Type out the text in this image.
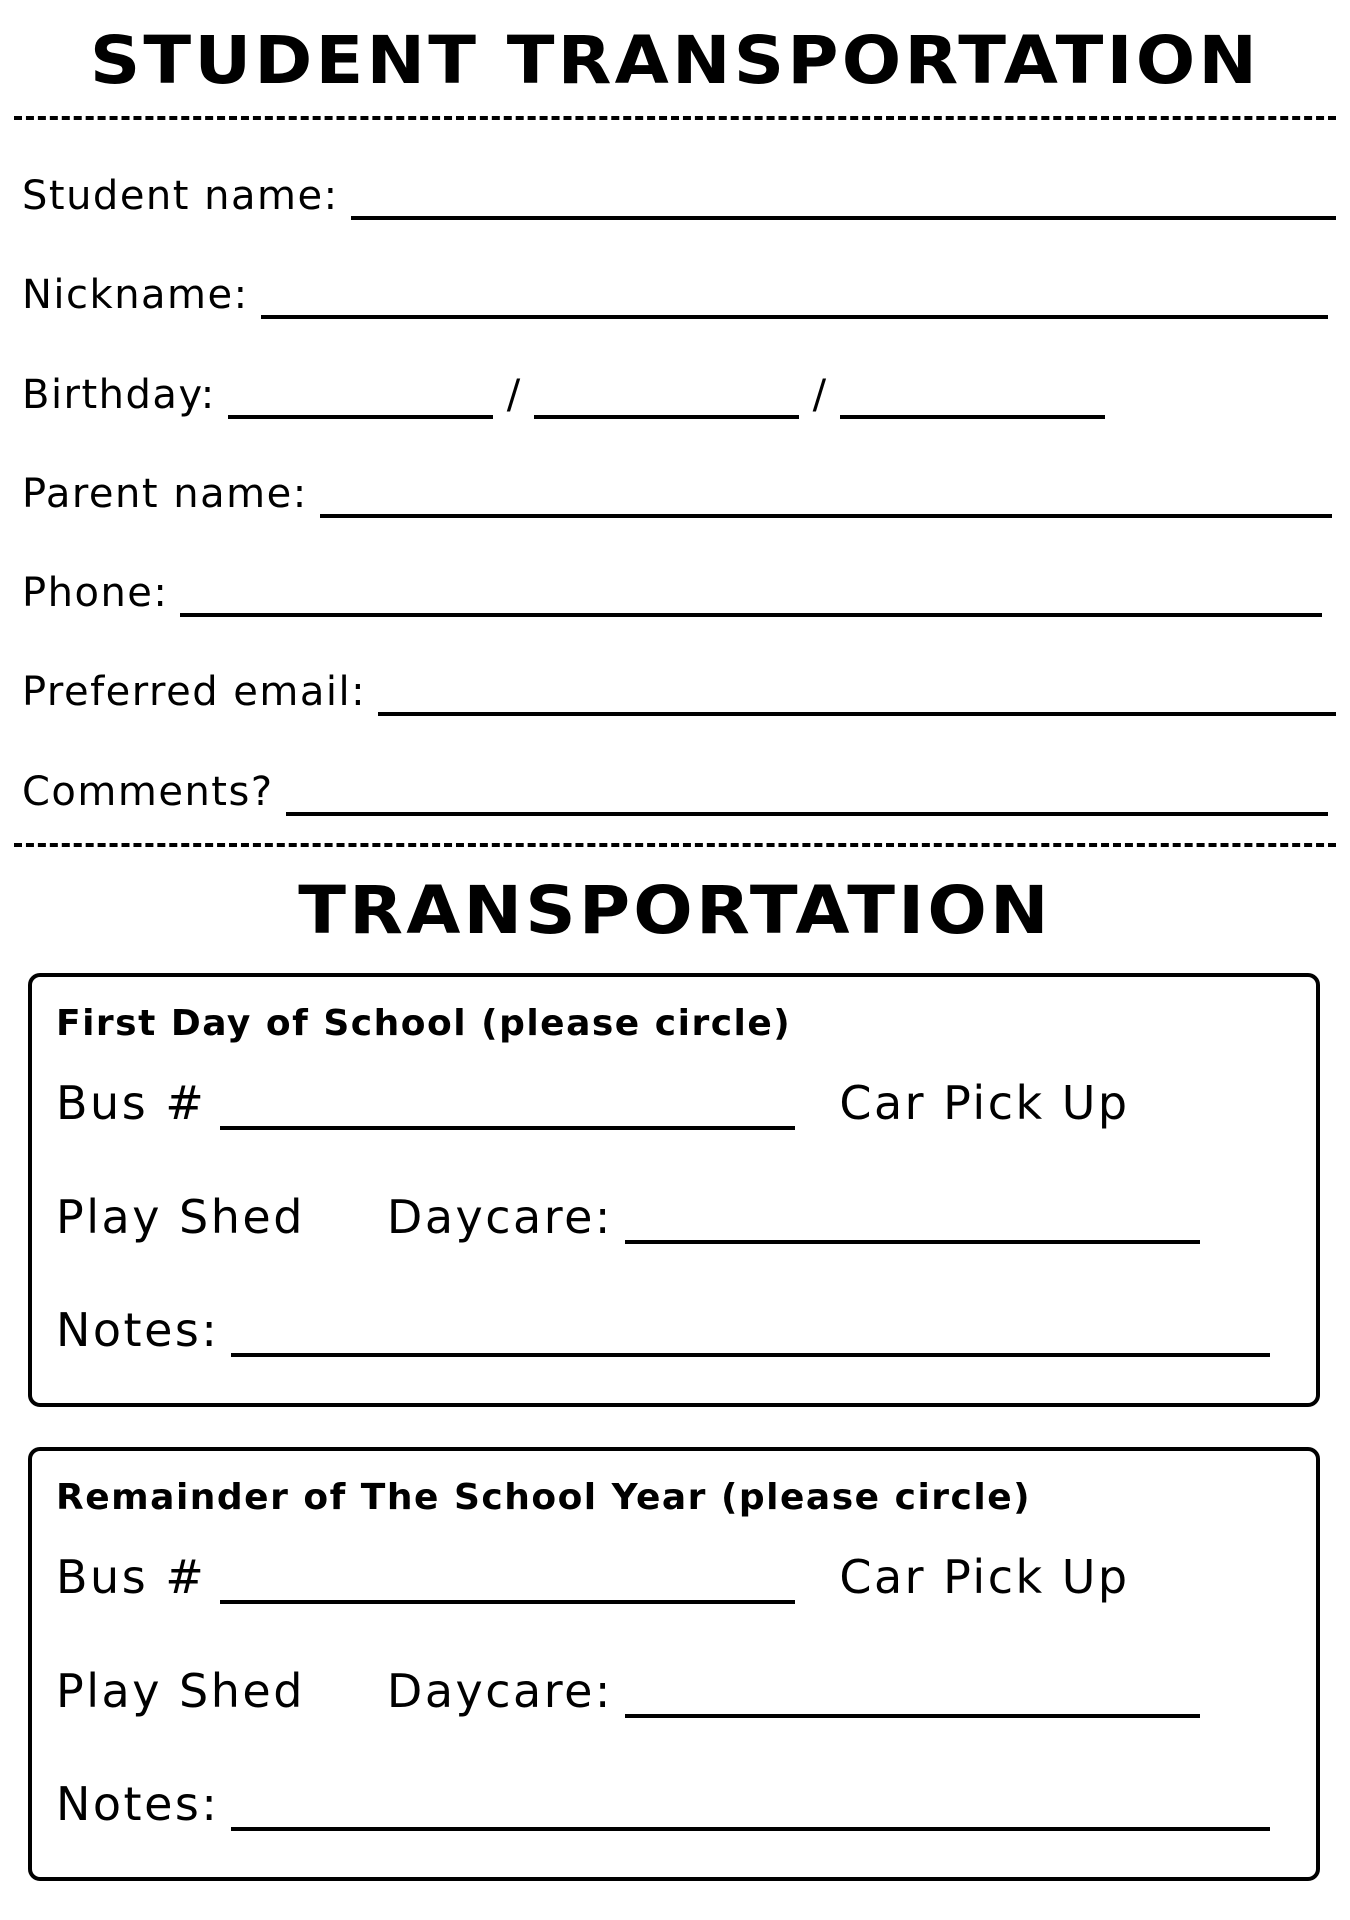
STUDENT TRANSPORTATION
Student name:
Nickname:
Birthday:	/	/
Parent name:
Phone:
Preferred email:
Comments?
TRANSPORTATION
First Day of School (please circle)
Bus #	Car Pick Up
Play Shed Daycare:
Notes:
Remainder of The School Year (please circle)
Bus #	Car Pick Up
Play Shed Daycare:
Notes:
